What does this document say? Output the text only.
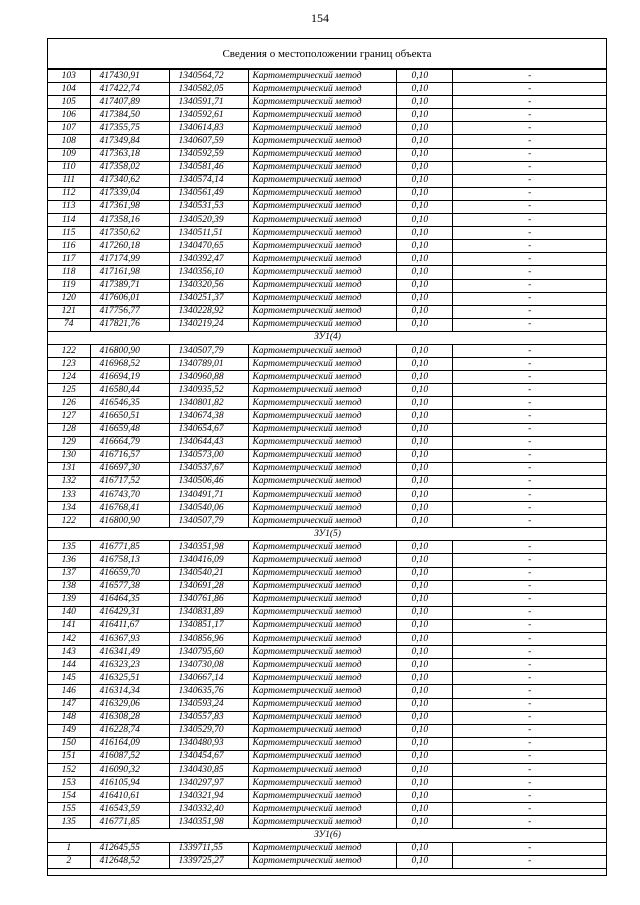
154
Сведения о местоположении границ объекта
103	417430,91	1340564,72	Картометрический метод	0,10	-
104	417422,74	1340582,05	Картометрический метод	0,10	-
105	417407,89	1340591,71	Картометрический метод	0,10	-
106	417384,50	1340592,61	Картометрический метод	0,10	-
107	417355,75	1340614,83	Картометрический метод	0,10	-
108	417349,84	1340607,59	Картометрический метод	0,10	-
109	417363,18	1340592,59	Картометрический метод	0,10	-
110	417358,02	1340581,46	Картометрический метод	0,10	-
111	417340,62	1340574,14	Картометрический метод	0,10	-
112	417339,04	1340561,49	Картометрический метод	0,10	-
113	417361,98	1340531,53	Картометрический метод	0,10	-
114	417358,16	1340520,39	Картометрический метод	0,10	-
115	417350,62	1340511,51	Картометрический метод	0,10	-
116	417260,18	1340470,65	Картометрический метод	0,10	-
117	417174,99	1340392,47	Картометрический метод	0,10	-
118	417161,98	1340356,10	Картометрический метод	0,10	-
119	417389,71	1340320,56	Картометрический метод	0,10	-
120	417606,01	1340251,37	Картометрический метод	0,10	-
121	417756,77	1340228,92	Картометрический метод	0,10	-
74	417821,76	1340219,24	Картометрический метод	0,10	-
ЗУ1(4)					
122	416800,90	1340507,79	Картометрический метод	0,10	-
123	416968,52	1340789,01	Картометрический метод	0,10	-
124	416694,19	1340960,88	Картометрический метод	0,10	-
125	416580,44	1340935,52	Картометрический метод	0,10	-
126	416546,35	1340801,82	Картометрический метод	0,10	-
127	416650,51	1340674,38	Картометрический метод	0,10	-
128	416659,48	1340654,67	Картометрический метод	0,10	-
129	416664,79	1340644,43	Картометрический метод	0,10	-
130	416716,57	1340573,00	Картометрический метод	0,10	-
131	416697,30	1340537,67	Картометрический метод	0,10	-
132	416717,52	1340506,46	Картометрический метод	0,10	-
133	416743,70	1340491,71	Картометрический метод	0,10	-
134	416768,41	1340540,06	Картометрический метод	0,10	-
122	416800,90	1340507,79	Картометрический метод	0,10	-
ЗУ1(5)					
135	416771,85	1340351,98	Картометрический метод	0,10	-
136	416758,13	1340416,09	Картометрический метод	0,10	-
137	416659,70	1340540,21	Картометрический метод	0,10	-
138	416577,38	1340691,28	Картометрический метод	0,10	-
139	416464,35	1340761,86	Картометрический метод	0,10	-
140	416429,31	1340831,89	Картометрический метод	0,10	-
141	416411,67	1340851,17	Картометрический метод	0,10	-
142	416367,93	1340856,96	Картометрический метод	0,10	-
143	416341,49	1340795,60	Картометрический метод	0,10	-
144	416323,23	1340730,08	Картометрический метод	0,10	-
145	416325,51	1340667,14	Картометрический метод	0,10	-
146	416314,34	1340635,76	Картометрический метод	0,10	-
147	416329,06	1340593,24	Картометрический метод	0,10	-
148	416308,28	1340557,83	Картометрический метод	0,10	-
149	416228,74	1340529,70	Картометрический метод	0,10	-
150	416164,09	1340480,93	Картометрический метод	0,10	-
151	416087,52	1340454,67	Картометрический метод	0,10	-
152	416090,32	1340430,85	Картометрический метод	0,10	-
153	416105,94	1340297,97	Картометрический метод	0,10	-
154	416410,61	1340321,94	Картометрический метод	0,10	-
155	416543,59	1340332,40	Картометрический метод	0,10	-
135	416771,85	1340351,98	Картометрический метод	0,10	-
ЗУ1(6)					
1	412645,55	1339711,55	Картометрический метод	0,10	-
2	412648,52	1339725,27	Картометрический метод	0,10	-
